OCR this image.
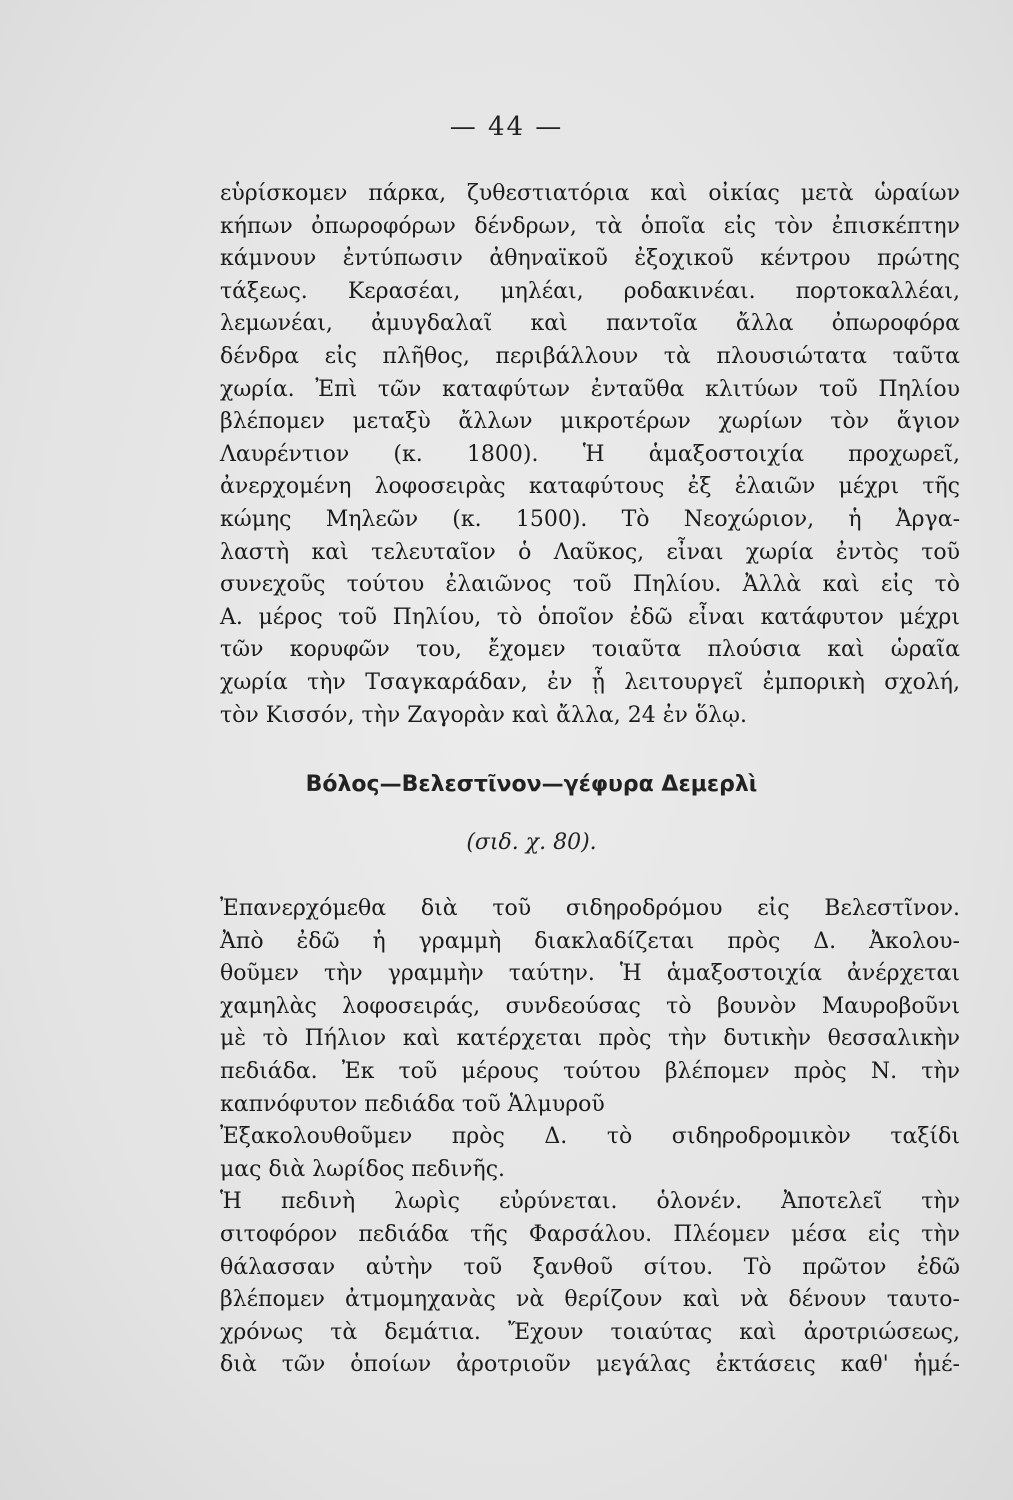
— 44 —
εὑρίσκομεν πάρκα, ζυθεστιατόρια καὶ οἰκίας μετὰ ὡραίων
κήπων ὀπωροφόρων δένδρων, τὰ ὁποῖα εἰς τὸν ἐπισκέπτην
κάμνουν ἐντύπωσιν ἀθηναϊκοῦ ἐξοχικοῦ κέντρου πρώτης
τάξεως. Κερασέαι, μηλέαι, ροδακινέαι. πορτοκαλλέαι,
λεμωνέαι, ἀμυγδαλαῖ καὶ παντοῖα ἄλλα ὀπωροφόρα
δένδρα εἰς πλῆθος, περιβάλλουν τὰ πλουσιώτατα ταῦτα
χωρία. Ἐπὶ τῶν καταφύτων ἐνταῦθα κλιτύων τοῦ Πηλίου
βλέπομεν μεταξὺ ἄλλων μικροτέρων χωρίων τὸν ἅγιον
Λαυρέντιον (κ. 1800). Ἡ ἁμαξοστοιχία προχωρεῖ,
ἀνερχομένη λοφοσειρὰς καταφύτους ἐξ ἐλαιῶν μέχρι τῆς
κώμης Μηλεῶν (κ. 1500). Τὸ Νεοχώριον, ἡ Ἀργα-
λαστὴ καὶ τελευταῖον ὁ Λαῦκος, εἶναι χωρία ἐντὸς τοῦ
συνεχοῦς τούτου ἐλαιῶνος τοῦ Πηλίου. Ἀλλὰ καὶ εἰς τὸ
Α. μέρος τοῦ Πηλίου, τὸ ὁποῖον ἐδῶ εἶναι κατάφυτον μέχρι
τῶν κορυφῶν του, ἔχομεν τοιαῦτα πλούσια καὶ ὡραῖα
χωρία τὴν Τσαγκαράδαν, ἐν ᾗ λειτουργεῖ ἐμπορικὴ σχολή,
τὸν Κισσόν, τὴν Ζαγορὰν καὶ ἄλλα, 24 ἐν ὅλῳ.
Βόλος—Βελεστῖνον—γέφυρα Δεμερλὶ
(σιδ. χ. 80).
Ἐπανερχόμεθα διὰ τοῦ σιδηροδρόμου εἰς Βελεστῖνον.
Ἀπὸ ἐδῶ ἡ γραμμὴ διακλαδίζεται πρὸς Δ. Ἀκολου-
θοῦμεν τὴν γραμμὴν ταύτην. Ἡ ἁμαξοστοιχία ἀνέρχεται
χαμηλὰς λοφοσειράς, συνδεούσας τὸ βουνὸν Μαυροβοῦνι
μὲ τὸ Πήλιον καὶ κατέρχεται πρὸς τὴν δυτικὴν θεσσαλικὴν
πεδιάδα. Ἐκ τοῦ μέρους τούτου βλέπομεν πρὸς Ν. τὴν
καπνόφυτον πεδιάδα τοῦ Ἁλμυροῦ
Ἐξακολουθοῦμεν πρὸς Δ. τὸ σιδηροδρομικὸν ταξίδι
μας διὰ λωρίδος πεδινῆς.
Ἡ πεδινὴ λωρὶς εὐρύνεται. ὁλονέν. Ἀποτελεῖ τὴν
σιτοφόρον πεδιάδα τῆς Φαρσάλου. Πλέομεν μέσα εἰς τὴν
θάλασσαν αὐτὴν τοῦ ξανθοῦ σίτου. Τὸ πρῶτον ἐδῶ
βλέπομεν ἀτμομηχανὰς νὰ θερίζουν καὶ νὰ δένουν ταυτο-
χρόνως τὰ δεμάτια. Ἔχουν τοιαύτας καὶ ἀροτριώσεως,
διὰ τῶν ὁποίων ἀροτριοῦν μεγάλας ἐκτάσεις καθ' ἡμέ-
